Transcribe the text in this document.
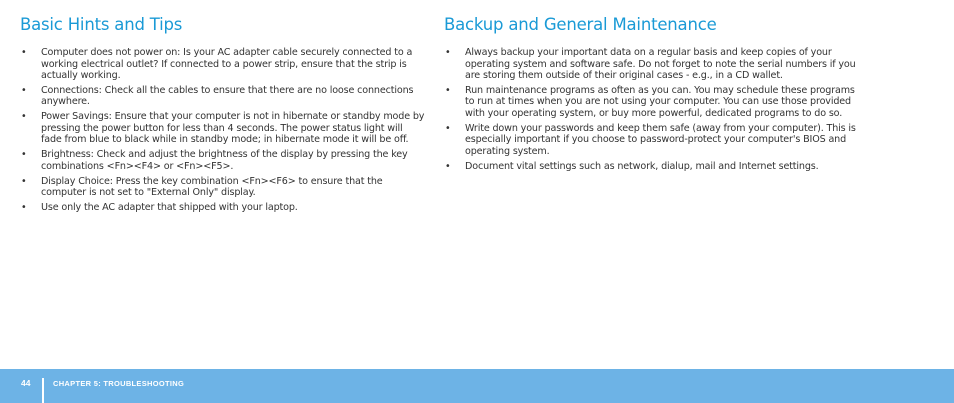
Basic Hints and Tips
• Computer does not power on: Is your AC adapter cable securely connected to a working electrical outlet? If connected to a power strip, ensure that the strip is actually working.
• Connections: Check all the cables to ensure that there are no loose connections anywhere.
• Power Savings: Ensure that your computer is not in hibernate or standby mode by pressing the power button for less than 4 seconds. The power status light will fade from blue to black while in standby mode; in hibernate mode it will be off.
• Brightness: Check and adjust the brightness of the display by pressing the key combinations <Fn><F4> or <Fn><F5>.
• Display Choice: Press the key combination <Fn><F6> to ensure that the computer is not set to "External Only" display.
• Use only the AC adapter that shipped with your laptop.
Backup and General Maintenance
• Always backup your important data on a regular basis and keep copies of your operating system and software safe. Do not forget to note the serial numbers if you are storing them outside of their original cases - e.g., in a CD wallet.
• Run maintenance programs as often as you can. You may schedule these programs to run at times when you are not using your computer. You can use those provided with your operating system, or buy more powerful, dedicated programs to do so.
• Write down your passwords and keep them safe (away from your computer). This is especially important if you choose to password-protect your computer's BIOS and operating system.
• Document vital settings such as network, dialup, mail and Internet settings.
44	CHAPTER 5: TROUBLESHOOTING
